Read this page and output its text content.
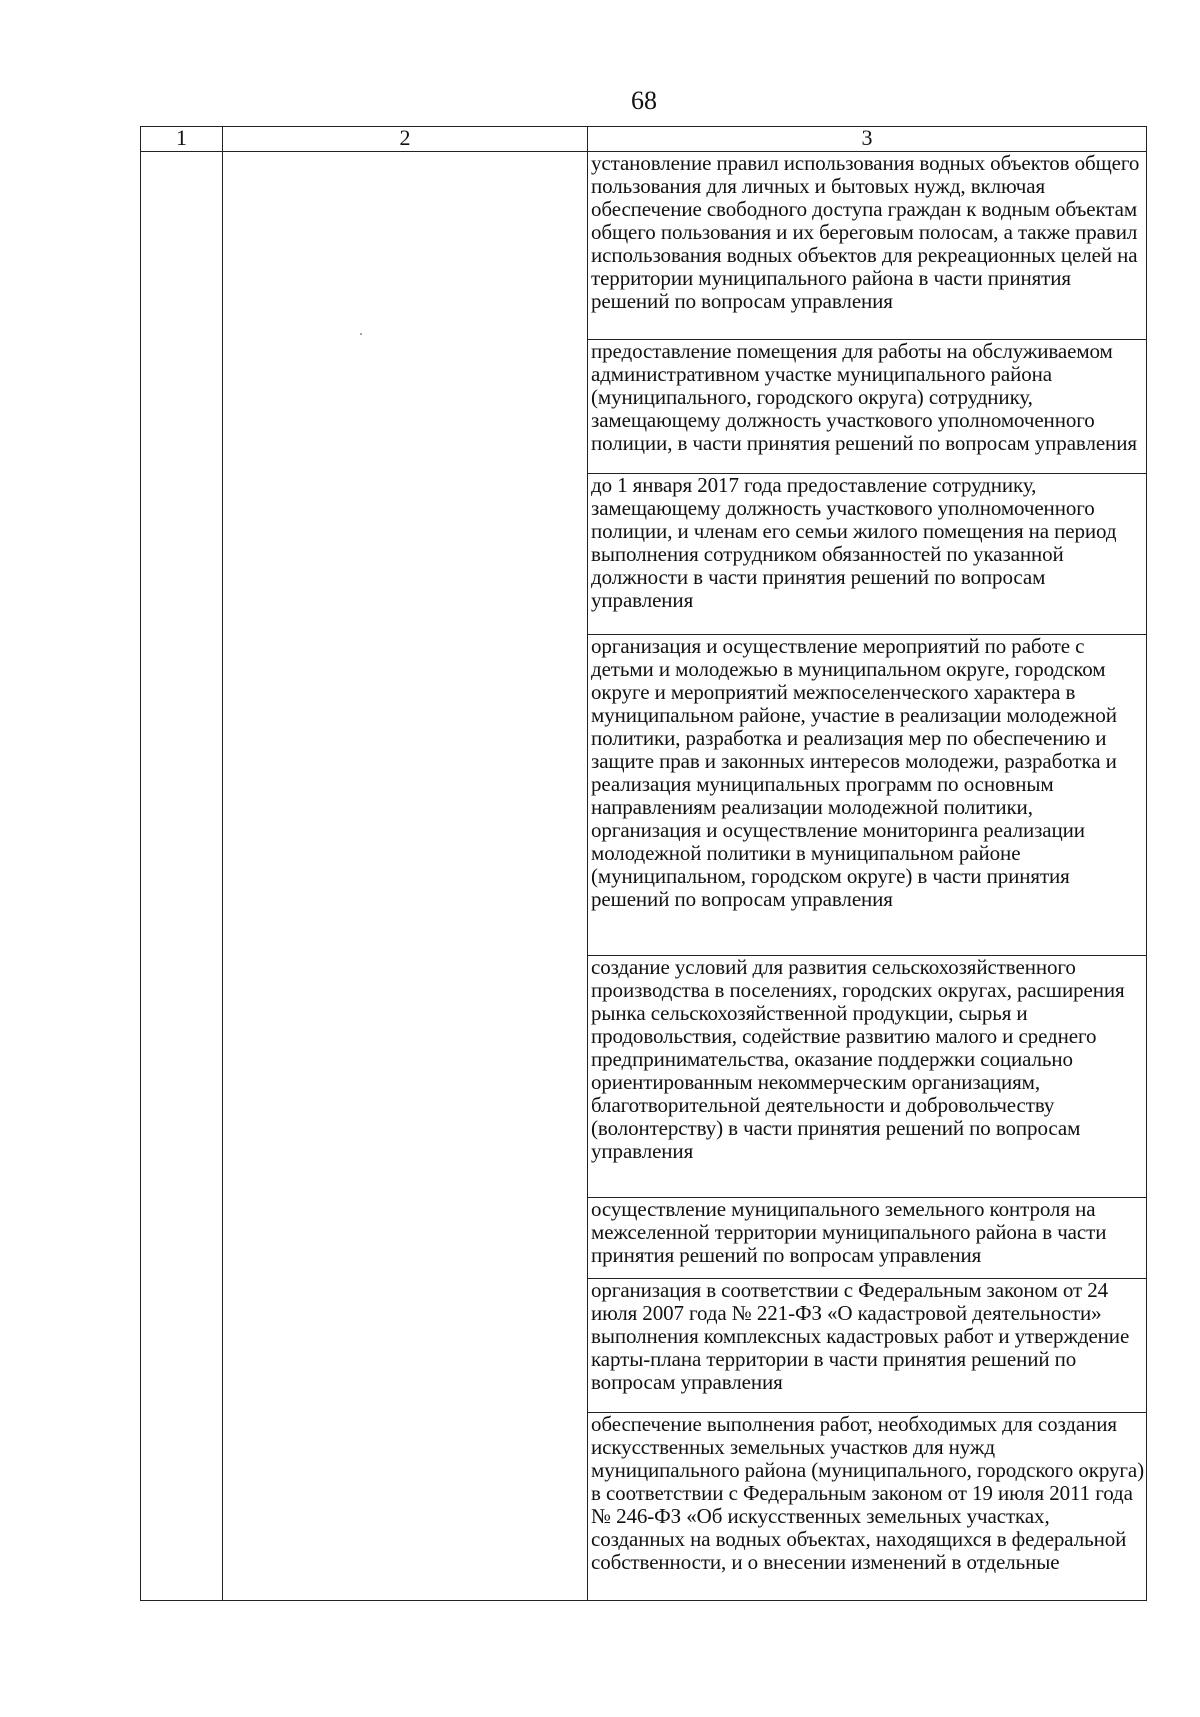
68
1	2	3
		установление правил использования водных объектов общего пользования для личных и бытовых нужд, включая обеспечение свободного доступа граждан к водным объектам общего пользования и их береговым полосам, а также правил использования водных объектов для рекреационных целей на территории муниципального района в части принятия решений по вопросам управления
		предоставление помещения для работы на обслуживаемом административном участке муниципального района (муниципального, городского округа) сотруднику, замещающему должность участкового уполномоченного полиции, в части принятия решений по вопросам управления
		до 1 января 2017 года предоставление сотруднику, замещающему должность участкового уполномоченного полиции, и членам его семьи жилого помещения на период выполнения сотрудником обязанностей по указанной должности в части принятия решений по вопросам управления
		организация и осуществление мероприятий по работе с детьми и молодежью в муниципальном округе, городском округе и мероприятий межпоселенческого характера в муниципальном районе, участие в реализации молодежной политики, разработка и реализация мер по обеспечению и защите прав и законных интересов молодежи, разработка и реализация муниципальных программ по основным направлениям реализации молодежной политики, организация и осуществление мониторинга реализации молодежной политики в муниципальном районе (муниципальном, городском округе) в части принятия решений по вопросам управления
		создание условий для развития сельскохозяйственного производства в поселениях, городских округах, расширения рынка сельскохозяйственной продукции, сырья и продовольствия, содействие развитию малого и среднего предпринимательства, оказание поддержки социально ориентированным некоммерческим организациям, благотворительной деятельности и добровольчеству (волонтерству) в части принятия решений по вопросам управления
		осуществление муниципального земельного контроля на межселенной территории муниципального района в части принятия решений по вопросам управления
		организация в соответствии с Федеральным законом от 24 июля 2007 года № 221-ФЗ «О кадастровой деятельности» выполнения комплексных кадастровых работ и утверждение карты-плана территории в части принятия решений по вопросам управления
		обеспечение выполнения работ, необходимых для создания искусственных земельных участков для нужд муниципального района (муниципального, городского округа) в соответствии с Федеральным законом от 19 июля 2011 года № 246-ФЗ «Об искусственных земельных участках, созданных на водных объектах, находящихся в федеральной собственности, и о внесении изменений в отдельные
